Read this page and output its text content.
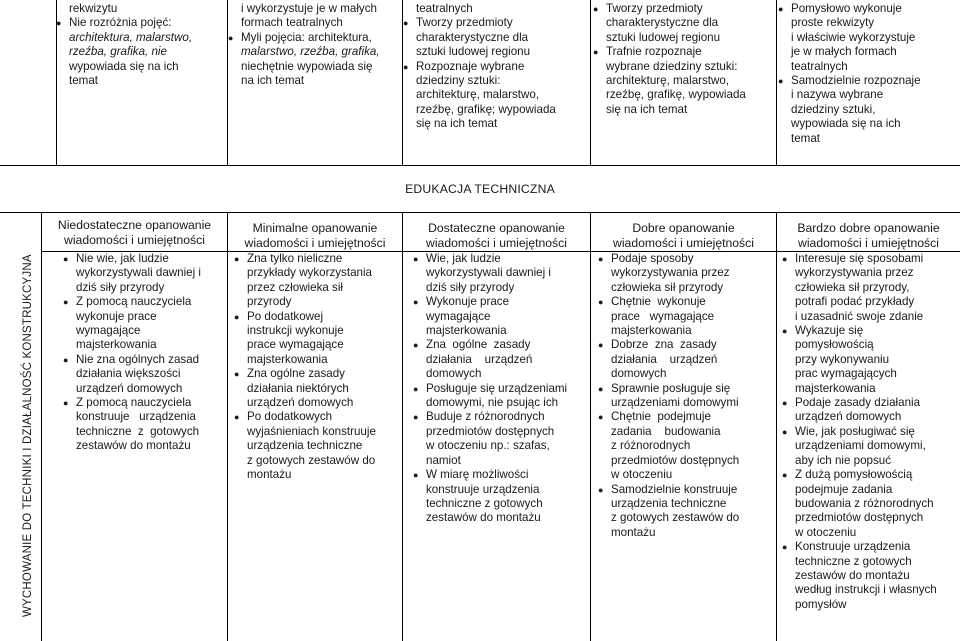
rekwizytu
● Nie rozróżnia pojęć:
architektura, malarstwo,
rzeźba, grafika, nie
wypowiada się na ich
temat
i wykorzystuje je w małych
formach teatralnych
● Myli pojęcia: architektura,
malarstwo, rzeźba, grafika,
niechętnie wypowiada się
na ich temat
teatralnych
● Tworzy przedmioty
charakterystyczne dla
sztuki ludowej regionu
● Rozpoznaje wybrane
dziedziny sztuki:
architekturę, malarstwo,
rzeźbę, grafikę; wypowiada
się na ich temat
● Tworzy przedmioty
charakterystyczne dla
sztuki ludowej regionu
● Trafnie rozpoznaje
wybrane dziedziny sztuki:
architekturę, malarstwo,
rzeźbę, grafikę, wypowiada
się na ich temat
● Pomysłowo wykonuje
proste rekwizyty
i właściwie wykorzystuje
je w małych formach
teatralnych
● Samodzielnie rozpoznaje
i nazywa wybrane
dziedziny sztuki,
wypowiada się na ich
temat
EDUKACJA TECHNICZNA
Niedostateczne opanowanie
wiadomości i umiejętności
Minimalne opanowanie
wiadomości i umiejętności
Dostateczne opanowanie
wiadomości i umiejętności
Dobre opanowanie
wiadomości i umiejętności
Bardzo dobre opanowanie
wiadomości i umiejętności
WYCHOWANIE DO TECHNIKI I DZIAŁALNOŚĆ KONSTRUKCYJNA
●	Nie wie, jak ludzie
wykorzystywali dawniej i
dziś siły przyrody
● Z pomocą nauczyciela
wykonuje prace
wymagające
majsterkowania
● Nie zna ogólnych zasad
działania większości
urządzeń domowych
● Z pomocą nauczyciela
konstruuje   urządzenia
techniczne  z  gotowych
zestawów do montażu
● Zna tylko nieliczne
przykłady wykorzystania
przez człowieka sił
przyrody
● Po dodatkowej
instrukcji wykonuje
prace wymagające
majsterkowania
● Zna ogólne zasady
działania niektórych
urządzeń domowych
● Po dodatkowych
wyjaśnieniach konstruuje
urządzenia techniczne
z gotowych zestawów do
montażu
● Wie, jak ludzie
wykorzystywali dawniej i
dziś siły przyrody
● Wykonuje prace
wymagające
majsterkowania
● Zna  ogólne  zasady
działania    urządzeń
domowych
● Posługuje się urządzeniami
domowymi, nie psując ich
● Buduje z różnorodnych
przedmiotów dostępnych
w otoczeniu np.: szafas,
namiot
● W miarę możliwości
konstruuje urządzenia
techniczne z gotowych
zestawów do montażu
● Podaje sposoby
wykorzystywania przez
człowieka sił przyrody
● Chętnie  wykonuje
prace   wymagające
majsterkowania
● Dobrze  zna  zasady
działania    urządzeń
domowych
● Sprawnie posługuje się
urządzeniami domowymi
● Chętnie  podejmuje
zadania    budowania
z różnorodnych
przedmiotów dostępnych
w otoczeniu
● Samodzielnie konstruuje
urządzenia techniczne
z gotowych zestawów do
montażu
● Interesuje się sposobami
wykorzystywania przez
człowieka sił przyrody,
potrafi podać przykłady
i uzasadnić swoje zdanie
● Wykazuje się
pomysłowością
przy wykonywaniu
prac wymagających
majsterkowania
● Podaje zasady działania
urządzeń domowych
● Wie, jak posługiwać się
urządzeniami domowymi,
aby ich nie popsuć
● Z dużą pomysłowością
podejmuje zadania
budowania z różnorodnych
przedmiotów dostępnych
w otoczeniu
● Konstruuje urządzenia
techniczne z gotowych
zestawów do montażu
według instrukcji i własnych
pomysłów
